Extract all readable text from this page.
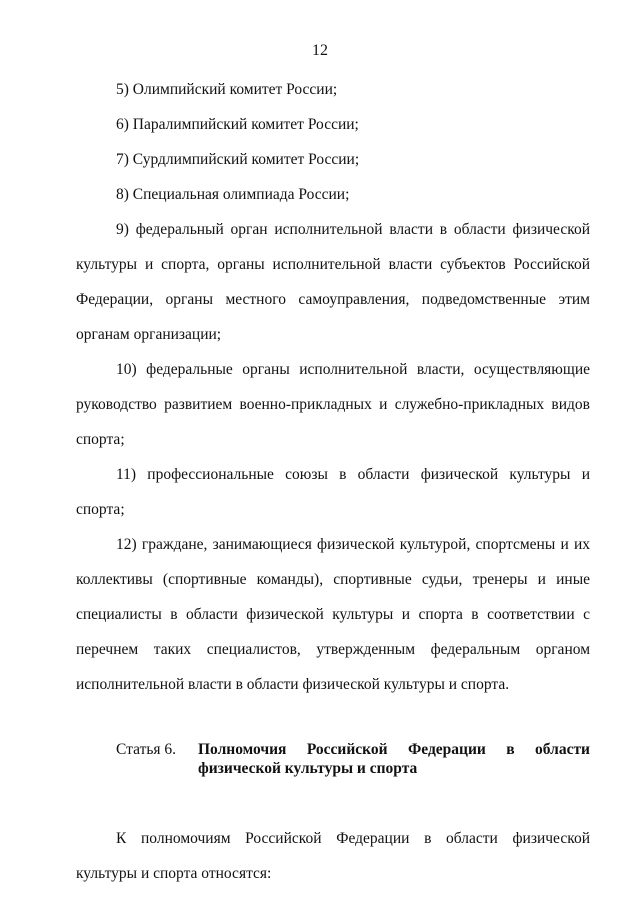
12

5) Олимпийский комитет России;

6) Паралимпийский комитет России;

7) Сурдлимпийский комитет России;

8) Специальная олимпиада России;

9) федеральный орган исполнительной власти в области физической культуры и спорта, органы исполнительной власти субъектов Российской Федерации, органы местного самоуправления, подведомственные этим органам организации;

10) федеральные органы исполнительной власти, осуществляющие руководство развитием военно-прикладных и служебно-прикладных видов спорта;

11) профессиональные союзы в области физической культуры и спорта;

12) граждане, занимающиеся физической культурой, спортсмены и их коллективы (спортивные команды), спортивные судьи, тренеры и иные специалисты в области физической культуры и спорта в соответствии с перечнем таких специалистов, утвержденным федеральным органом исполнительной власти в области физической культуры и спорта.

Статья 6.	Полномочия Российской Федерации в области
физической культуры и спорта

К полномочиям Российской Федерации в области физической культуры и спорта относятся:
